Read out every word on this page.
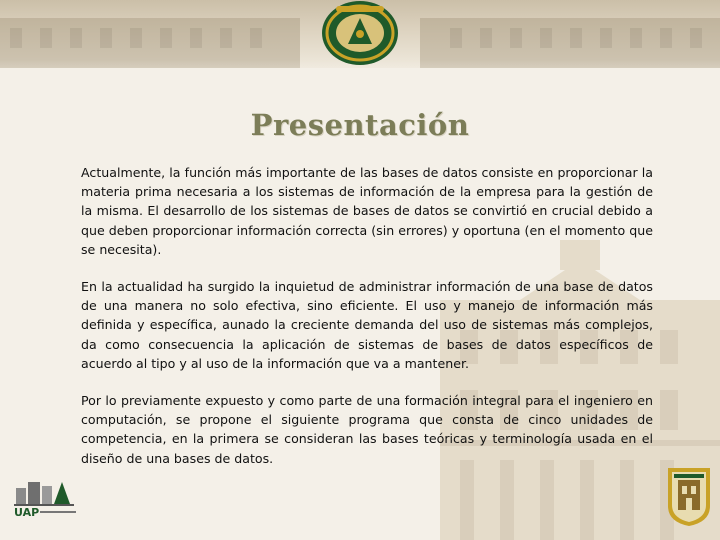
Presentación

Actualmente, la función más importante de las bases de datos consiste en proporcionar la materia prima necesaria a los sistemas de información de la empresa para la gestión de la misma. El desarrollo de los sistemas de bases de datos se convirtió en crucial debido a que deben proporcionar información correcta (sin errores) y oportuna (en el momento que se necesita).

En la actualidad ha surgido la inquietud de administrar información de una base de datos de una manera no solo efectiva, sino eficiente. El uso y manejo de información más definida y específica, aunado la creciente demanda del uso de sistemas más complejos, da como consecuencia la aplicación de sistemas de bases de datos específicos de acuerdo al tipo y al uso de la información que va a mantener.

Por lo previamente expuesto y como parte de una formación integral para el ingeniero en computación, se propone el siguiente programa que consta de cinco unidades de competencia, en la primera se consideran las bases teóricas y terminología usada en el diseño de una bases de datos.

UAP
